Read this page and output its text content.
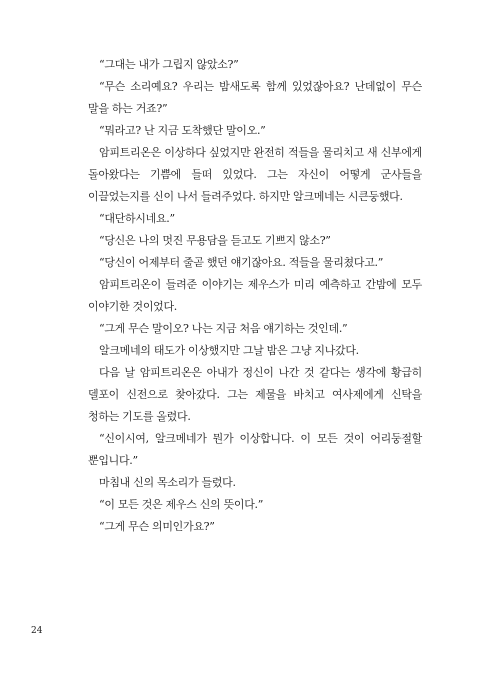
“그대는 내가 그립지 않았소?”

“무슨 소리예요? 우리는 밤새도록 함께 있었잖아요? 난데없이 무슨 말을 하는 거죠?”

“뭐라고? 난 지금 도착했단 말이오.”

암피트리온은 이상하다 싶었지만 완전히 적들을 물리치고 새 신부에게 돌아왔다는 기쁨에 들떠 있었다. 그는 자신이 어떻게 군사들을 이끌었는지를 신이 나서 들려주었다. 하지만 알크메네는 시큰둥했다.

“대단하시네요.”

“당신은 나의 멋진 무용담을 듣고도 기쁘지 않소?”

“당신이 어제부터 줄곧 했던 얘기잖아요. 적들을 물리쳤다고.”

암피트리온이 들려준 이야기는 제우스가 미리 예측하고 간밤에 모두 이야기한 것이었다.

“그게 무슨 말이오? 나는 지금 처음 얘기하는 것인데.”

알크메네의 태도가 이상했지만 그날 밤은 그냥 지나갔다.

다음 날 암피트리온은 아내가 정신이 나간 것 같다는 생각에 황급히 델포이 신전으로 찾아갔다. 그는 제물을 바치고 여사제에게 신탁을 청하는 기도를 올렸다.

“신이시여, 알크메네가 뭔가 이상합니다. 이 모든 것이 어리둥절할 뿐입니다.”

마침내 신의 목소리가 들렸다.

“이 모든 것은 제우스 신의 뜻이다.”

“그게 무슨 의미인가요?”

24
